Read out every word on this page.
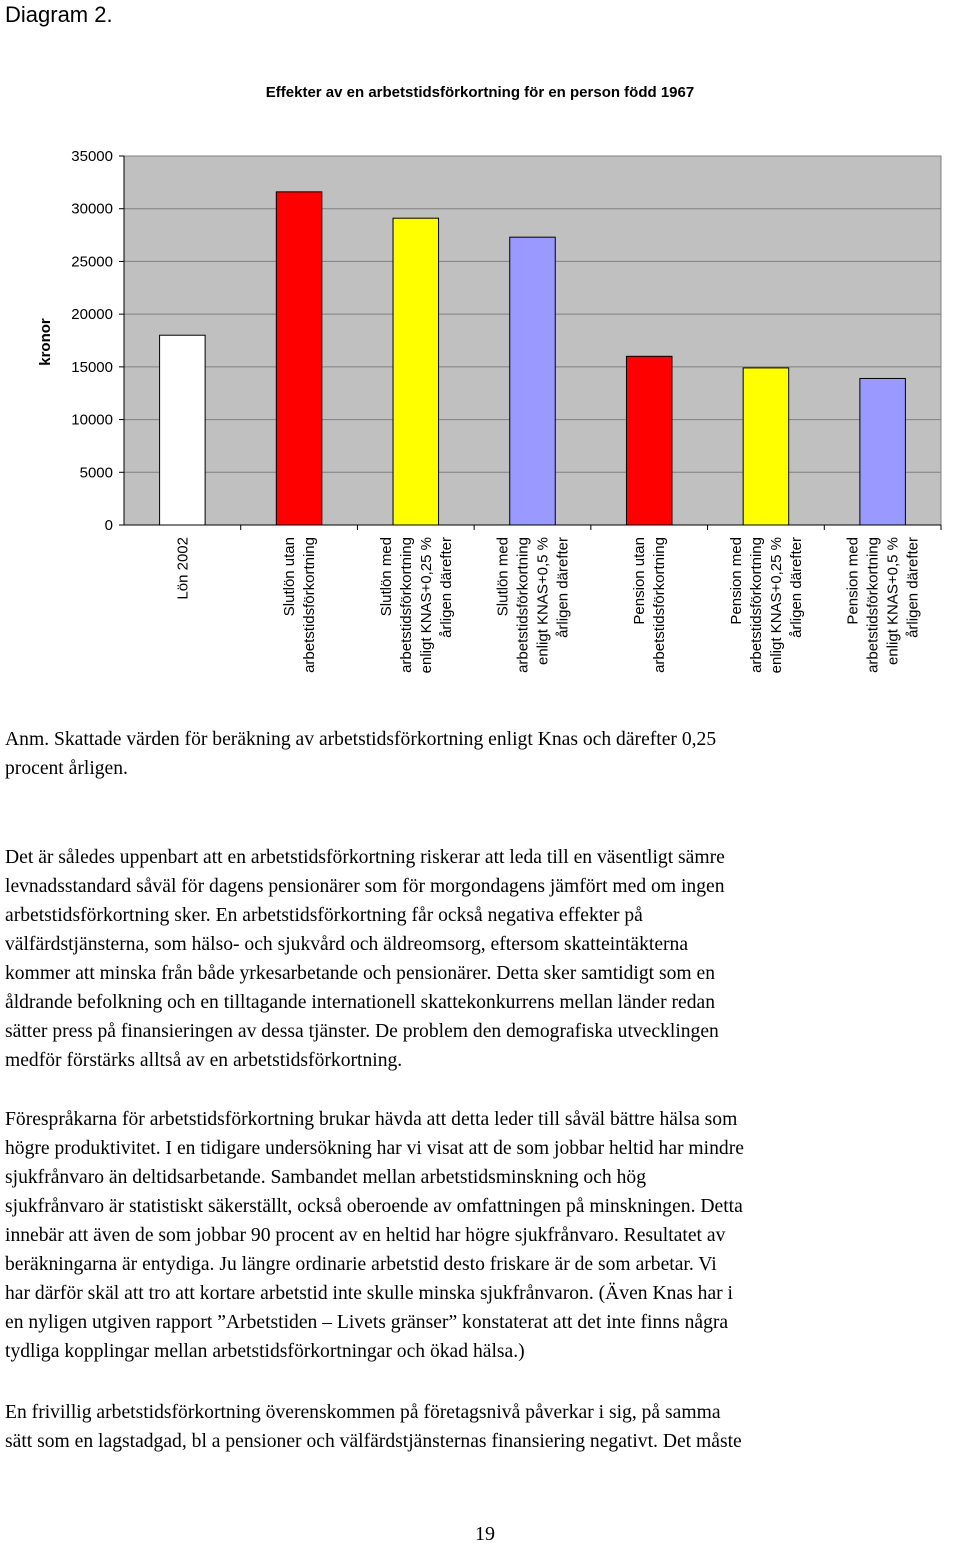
Diagram 2.
Effekter av en arbetstidsförkortning för en person född 1967
35000
30000
25000
20000
15000
10000
5000
0
Lön 2002	Slutlön utan arbetstidsförkortning	Slutlön med arbetstidsförkortning enligt KNAS+0,25 % årligen därefter	Slutlön med arbetstidsförkortning enligt KNAS+0,5 % årligen därefter	Pension utan arbetstidsförkortning	Pension med arbetstidsförkortning enligt KNAS+0,25 % årligen därefter	Pension med arbetstidsförkortning enligt KNAS+0,5 % årligen därefter
kronor
Anm. Skattade värden för beräkning av arbetstidsförkortning enligt Knas och därefter 0,25
procent årligen.
Det är således uppenbart att en arbetstidsförkortning riskerar att leda till en väsentligt sämre
levnadsstandard såväl för dagens pensionärer som för morgondagens jämfört med om ingen
arbetstidsförkortning sker. En arbetstidsförkortning får också negativa effekter på
välfärdstjänsterna, som hälso- och sjukvård och äldreomsorg, eftersom skatteintäkterna
kommer att minska från både yrkesarbetande och pensionärer. Detta sker samtidigt som en
åldrande befolkning och en tilltagande internationell skattekonkurrens mellan länder redan
sätter press på finansieringen av dessa tjänster. De problem den demografiska utvecklingen
medför förstärks alltså av en arbetstidsförkortning.
Förespråkarna för arbetstidsförkortning brukar hävda att detta leder till såväl bättre hälsa som
högre produktivitet. I en tidigare undersökning har vi visat att de som jobbar heltid har mindre
sjukfrånvaro än deltidsarbetande. Sambandet mellan arbetstidsminskning och hög
sjukfrånvaro är statistiskt säkerställt, också oberoende av omfattningen på minskningen. Detta
innebär att även de som jobbar 90 procent av en heltid har högre sjukfrånvaro. Resultatet av
beräkningarna är entydiga. Ju längre ordinarie arbetstid desto friskare är de som arbetar. Vi
har därför skäl att tro att kortare arbetstid inte skulle minska sjukfrånvaron. (Även Knas har i
en nyligen utgiven rapport ”Arbetstiden – Livets gränser” konstaterat att det inte finns några
tydliga kopplingar mellan arbetstidsförkortningar och ökad hälsa.)
En frivillig arbetstidsförkortning överenskommen på företagsnivå påverkar i sig, på samma
sätt som en lagstadgad, bl a pensioner och välfärdstjänsternas finansiering negativt. Det måste
19
